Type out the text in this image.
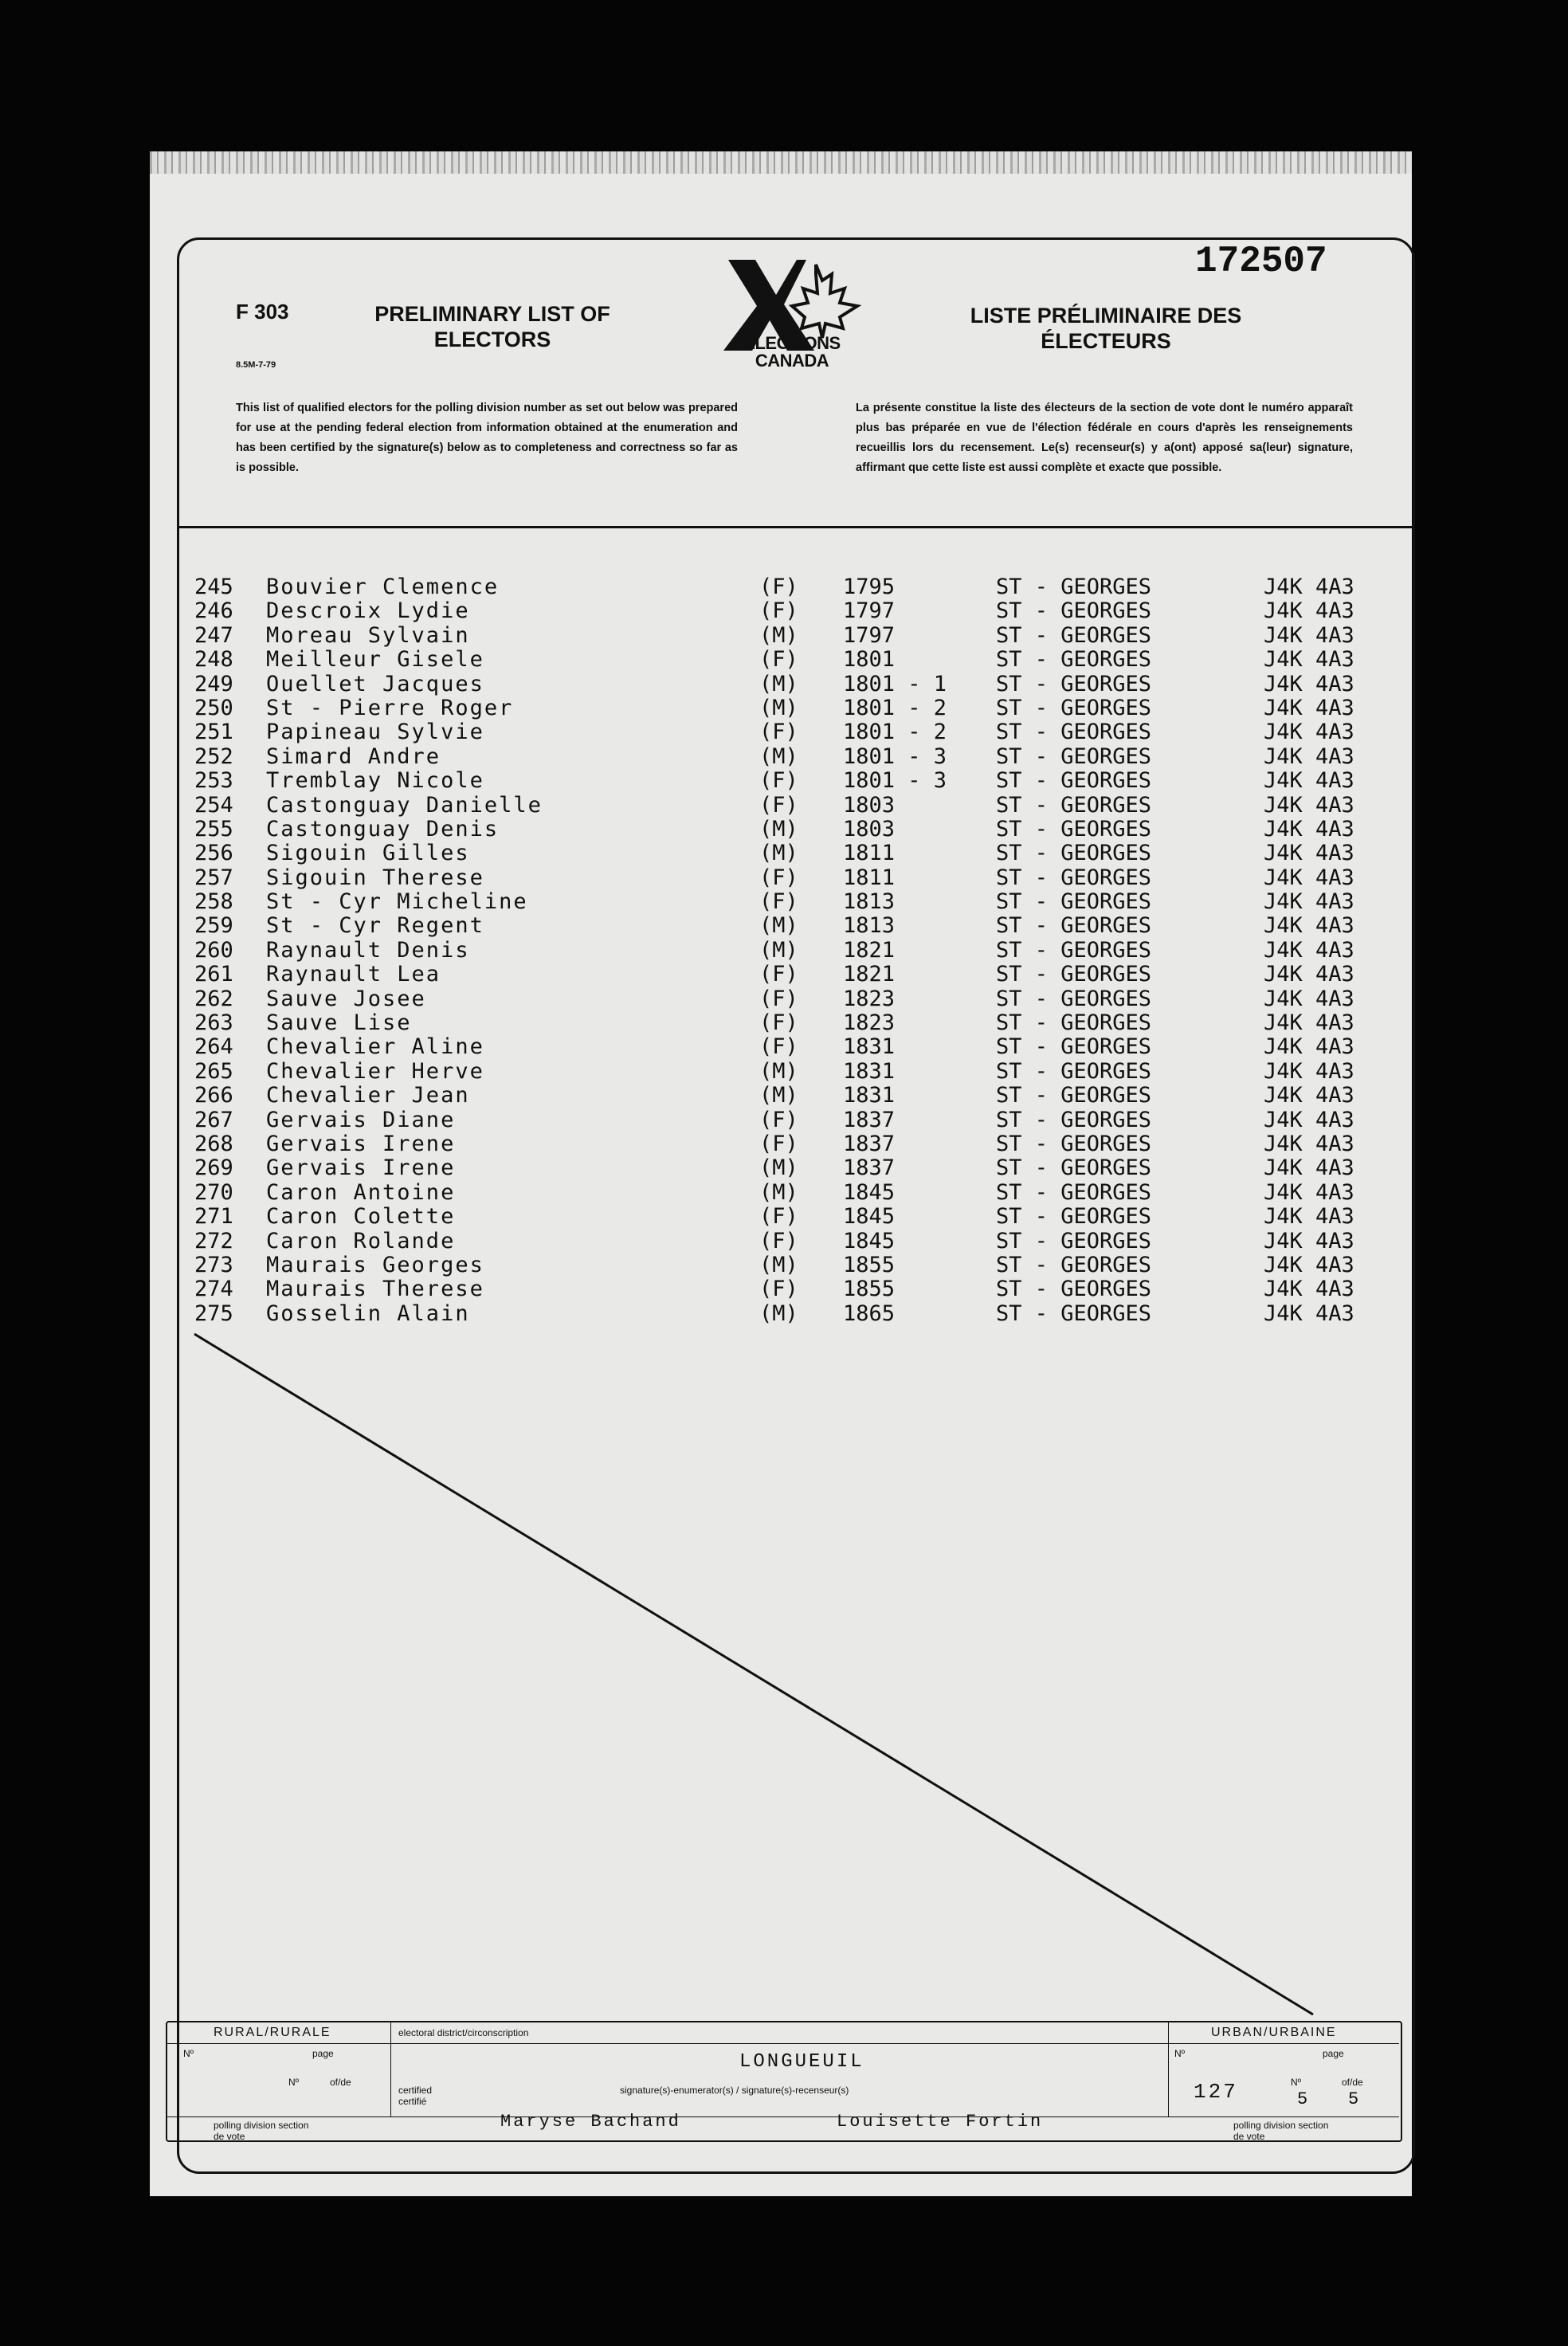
172507
F 303
8.5M-7-79
PRELIMINARY LIST OF ELECTORS
LISTE PRÉLIMINAIRE DES ÉLECTEURS
ELECTIONS
CANADA
This list of qualified electors for the polling division number as set out below was prepared for use at the pending federal election from information obtained at the enumeration and has been certified by the signature(s) below as to completeness and correctness so far as is possible.
La présente constitue la liste des électeurs de la section de vote dont le numéro apparaît plus bas préparée en vue de l'élection fédérale en cours d'après les renseignements recueillis lors du recensement. Le(s) recenseur(s) y a(ont) apposé sa(leur) signature, affirmant que cette liste est aussi complète et exacte que possible.
245 Bouvier Clemence	(F) 1795	ST - GEORGES	J4K 4A3
246 Descroix Lydie	(F) 1797	ST - GEORGES	J4K 4A3
247 Moreau Sylvain	(M) 1797	ST - GEORGES	J4K 4A3
248 Meilleur Gisele	(F) 1801	ST - GEORGES	J4K 4A3
249 Ouellet Jacques	(M) 1801 - 1 ST - GEORGES	J4K 4A3
250 St - Pierre Roger	(M) 1801 - 2 ST - GEORGES	J4K 4A3
251 Papineau Sylvie	(F) 1801 - 2 ST - GEORGES	J4K 4A3
252 Simard Andre	(M) 1801 - 3 ST - GEORGES	J4K 4A3
253 Tremblay Nicole	(F) 1801 - 3 ST - GEORGES	J4K 4A3
254 Castonguay Danielle	(F) 1803	ST - GEORGES	J4K 4A3
255 Castonguay Denis	(M) 1803	ST - GEORGES	J4K 4A3
256 Sigouin Gilles	(M) 1811	ST - GEORGES	J4K 4A3
257 Sigouin Therese	(F) 1811	ST - GEORGES	J4K 4A3
258 St - Cyr Micheline	(F) 1813	ST - GEORGES	J4K 4A3
259 St - Cyr Regent	(M) 1813	ST - GEORGES	J4K 4A3
260 Raynault Denis	(M) 1821	ST - GEORGES	J4K 4A3
261 Raynault Lea	(F) 1821	ST - GEORGES	J4K 4A3
262 Sauve Josee	(F) 1823	ST - GEORGES	J4K 4A3
263 Sauve Lise	(F) 1823	ST - GEORGES	J4K 4A3
264 Chevalier Aline	(F) 1831	ST - GEORGES	J4K 4A3
265 Chevalier Herve	(M) 1831	ST - GEORGES	J4K 4A3
266 Chevalier Jean	(M) 1831	ST - GEORGES	J4K 4A3
267 Gervais Diane	(F) 1837	ST - GEORGES	J4K 4A3
268 Gervais Irene	(F) 1837	ST - GEORGES	J4K 4A3
269 Gervais Irene	(M) 1837	ST - GEORGES	J4K 4A3
270 Caron Antoine	(M) 1845	ST - GEORGES	J4K 4A3
271 Caron Colette	(F) 1845	ST - GEORGES	J4K 4A3
272 Caron Rolande	(F) 1845	ST - GEORGES	J4K 4A3
273 Maurais Georges	(M) 1855	ST - GEORGES	J4K 4A3
274 Maurais Therese	(F) 1855	ST - GEORGES	J4K 4A3
275 Gosselin Alain	(M) 1865	ST - GEORGES	J4K 4A3
RURAL/RURALE
Nº	page
Nº	of/de
polling division section de vote
electoral district/circonscription
LONGUEUIL
certified certifié
signature(s)-enumerator(s) / signature(s)-recenseur(s)
Maryse Bachand	Louisette Fortin
URBAN/URBAINE
Nº	page
127	Nº	of/de
5 5
polling division section de vote
